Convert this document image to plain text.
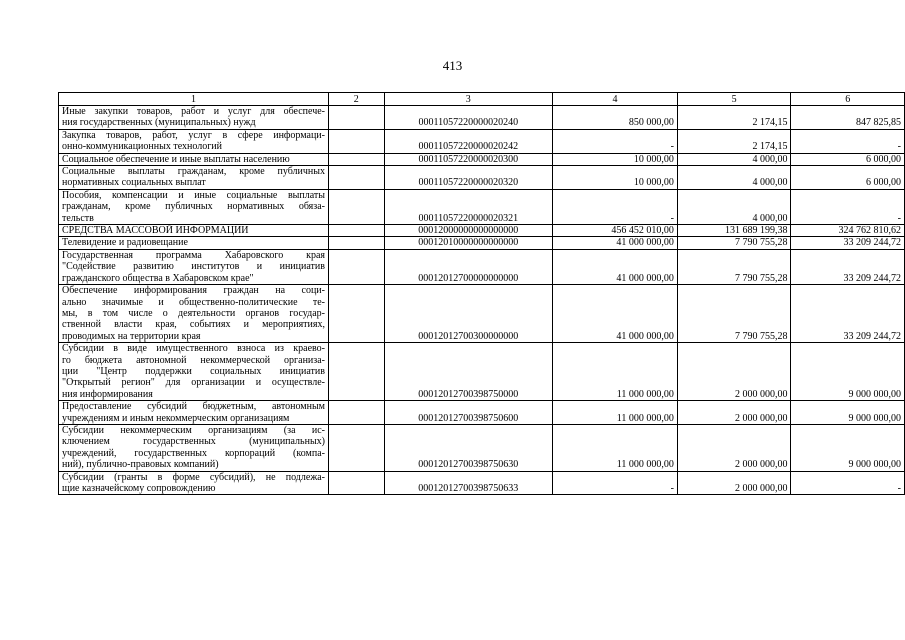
413
1	2	3	4	5	6

Иные закупки товаров, работ и услуг для обеспече-
ния государственных (муниципальных) нужд		00011057220000020240	850 000,00	2 174,15	847 825,85

Закупка товаров, работ, услуг в сфере информаци-
онно-коммуникационных технологий		00011057220000020242	-	2 174,15	-

Социальное обеспечение и иные выплаты населению		00011057220000020300	10 000,00	4 000,00	6 000,00

Социальные выплаты гражданам, кроме публичных
нормативных социальных выплат		00011057220000020320	10 000,00	4 000,00	6 000,00

Пособия, компенсации и иные социальные выплаты
гражданам, кроме публичных нормативных обяза-
тельств		00011057220000020321	-	4 000,00	-

СРЕДСТВА МАССОВОЙ ИНФОРМАЦИИ		00012000000000000000	456 452 010,00	131 689 199,38	324 762 810,62

Телевидение и радиовещание		00012010000000000000	41 000 000,00	7 790 755,28	33 209 244,72

Государственная программа Хабаровского края
"Содействие развитию институтов и инициатив
гражданского общества в Хабаровском крае"		00012012700000000000	41 000 000,00	7 790 755,28	33 209 244,72

Обеспечение информирования граждан на соци-
ально значимые и общественно-политические те-
мы, в том числе о деятельности органов государ-
ственной власти края, событиях и мероприятиях,
проводимых на территории края		00012012700300000000	41 000 000,00	7 790 755,28	33 209 244,72

Субсидии в виде имущественного взноса из краево-
го бюджета автономной некоммерческой организа-
ции "Центр поддержки социальных инициатив
"Открытый регион" для организации и осуществле-
ния информирования		00012012700398750000	11 000 000,00	2 000 000,00	9 000 000,00

Предоставление субсидий бюджетным, автономным
учреждениям и иным некоммерческим организациям		00012012700398750600	11 000 000,00	2 000 000,00	9 000 000,00

Субсидии некоммерческим организациям (за ис-
ключением государственных (муниципальных)
учреждений, государственных корпораций (компа-
ний), публично-правовых компаний)		00012012700398750630	11 000 000,00	2 000 000,00	9 000 000,00

Субсидии (гранты в форме субсидий), не подлежа-
щие казначейскому сопровождению		00012012700398750633	-	2 000 000,00	-
